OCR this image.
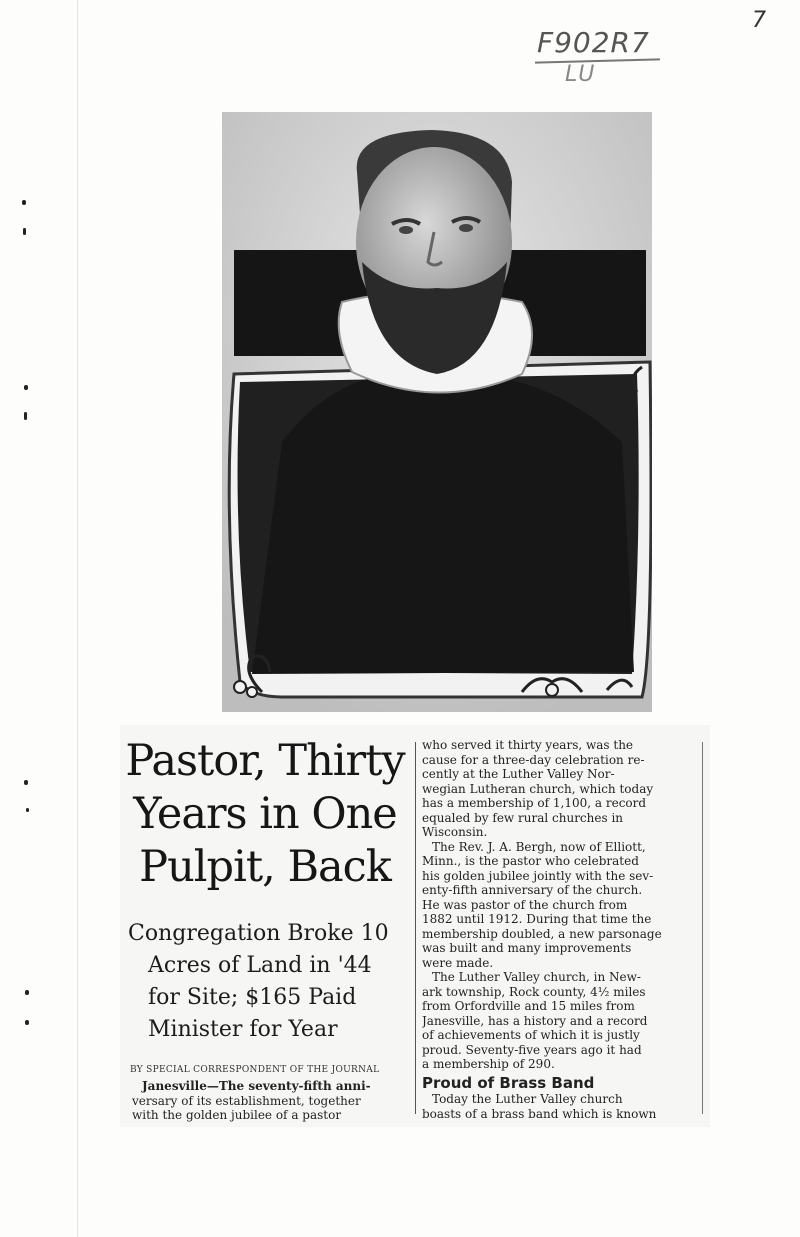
F902R7
LU
7
Pastor, Thirty
Years in One
Pulpit, Back
Congregation Broke 10
Acres of Land in '44
for Site; $165 Paid
Minister for Year
BY SPECIAL CORRESPONDENT OF THE JOURNAL
Janesville—The seventy-fifth anni-
versary of its establishment, together
with the golden jubilee of a pastor
who served it thirty years, was the
cause for a three-day celebration re-
cently at the Luther Valley Nor-
wegian Lutheran church, which today
has a membership of 1,100, a record
equaled by few rural churches in
Wisconsin.
The Rev. J. A. Bergh, now of Elliott,
Minn., is the pastor who celebrated
his golden jubilee jointly with the sev-
enty-fifth anniversary of the church.
He was pastor of the church from
1882 until 1912. During that time the
membership doubled, a new parsonage
was built and many improvements
were made.
The Luther Valley church, in New-
ark township, Rock county, 4½ miles
from Orfordville and 15 miles from
Janesville, has a history and a record
of achievements of which it is justly
proud. Seventy-five years ago it had
a membership of 290.
Proud of Brass Band
Today the Luther Valley church
boasts of a brass band which is known
